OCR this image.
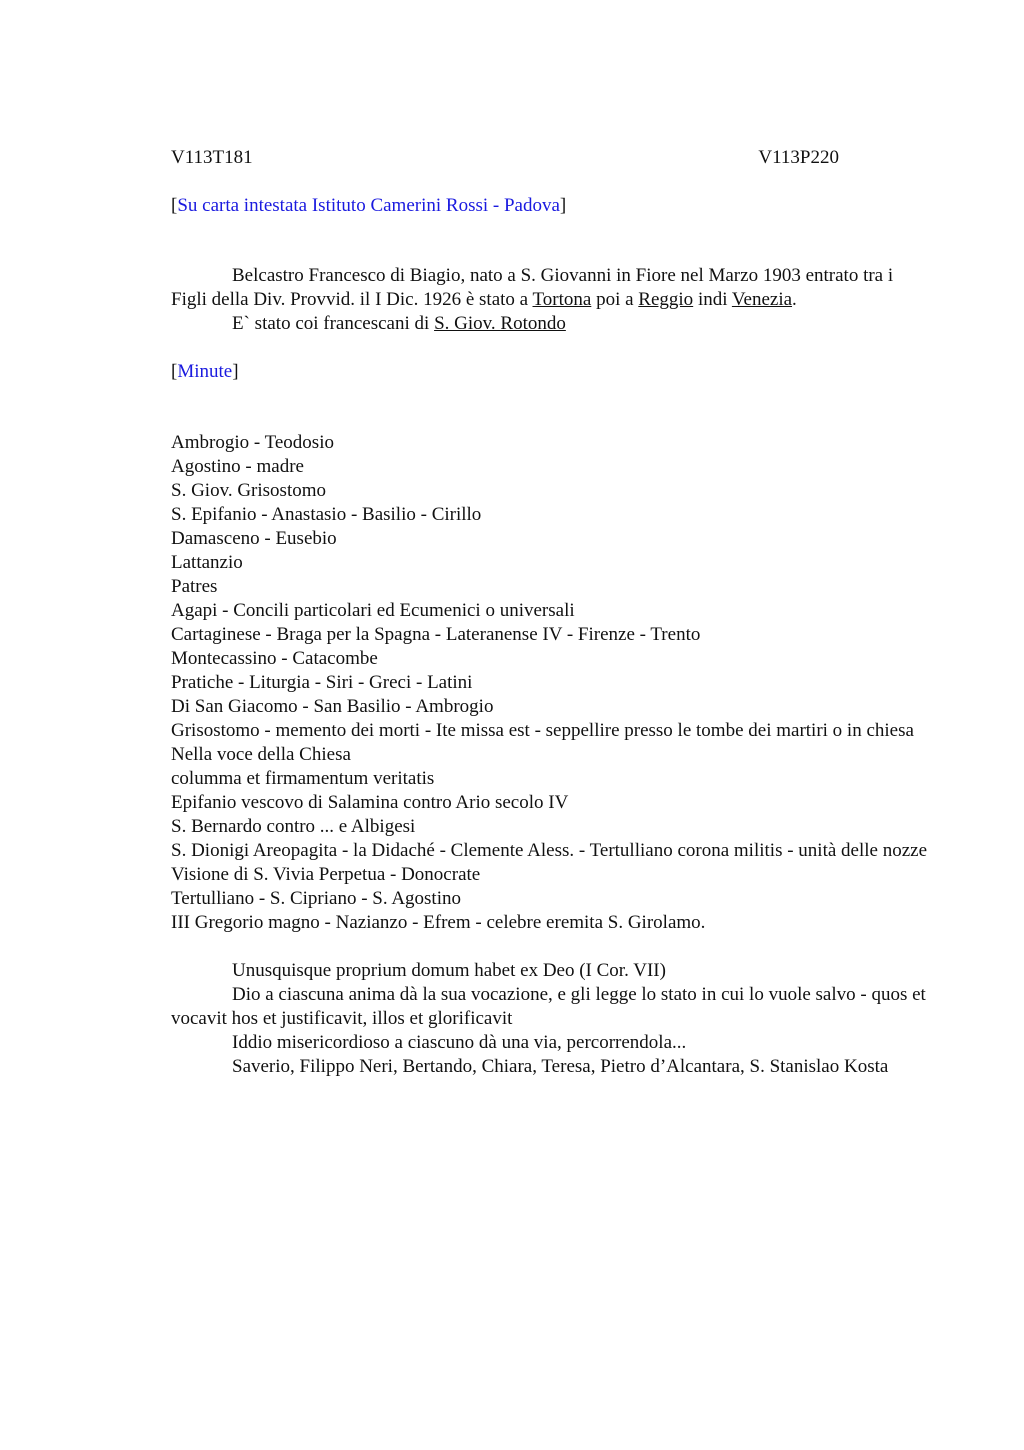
V113T181	V113P220

[Su carta intestata Istituto Camerini Rossi - Padova]

Belcastro Francesco di Biagio, nato a S. Giovanni in Fiore nel Marzo 1903 entrato tra i Figli della Div. Provvid. il I Dic. 1926 è stato a Tortona poi a Reggio indi Venezia.

E` stato coi francescani di S. Giov. Rotondo

[Minute]

Ambrogio - Teodosio

Agostino - madre

S. Giov. Grisostomo

S. Epifanio - Anastasio - Basilio - Cirillo

Damasceno - Eusebio

Lattanzio

Patres

Agapi - Concili particolari ed Ecumenici o universali

Cartaginese - Braga per la Spagna - Lateranense IV - Firenze - Trento

Montecassino - Catacombe

Pratiche - Liturgia - Siri - Greci - Latini

Di San Giacomo - San Basilio - Ambrogio

Grisostomo - memento dei morti - Ite missa est - seppellire presso le tombe dei martiri o in chiesa

Nella voce della Chiesa

columma et firmamentum veritatis

Epifanio vescovo di Salamina contro Ario secolo IV

S. Bernardo contro ... e Albigesi

S. Dionigi Areopagita - la Didaché - Clemente Aless. - Tertulliano corona militis - unità delle nozze

Visione di S. Vivia Perpetua - Donocrate

Tertulliano - S. Cipriano - S. Agostino

III Gregorio magno - Nazianzo - Efrem - celebre eremita S. Girolamo.

Unusquisque proprium domum habet ex Deo (I Cor. VII)

Dio a ciascuna anima dà la sua vocazione, e gli legge lo stato in cui lo vuole salvo - quos et vocavit hos et justificavit, illos et glorificavit

Iddio misericordioso a ciascuno dà una via, percorrendola...

Saverio, Filippo Neri, Bertando, Chiara, Teresa, Pietro d’Alcantara, S. Stanislao Kosta
